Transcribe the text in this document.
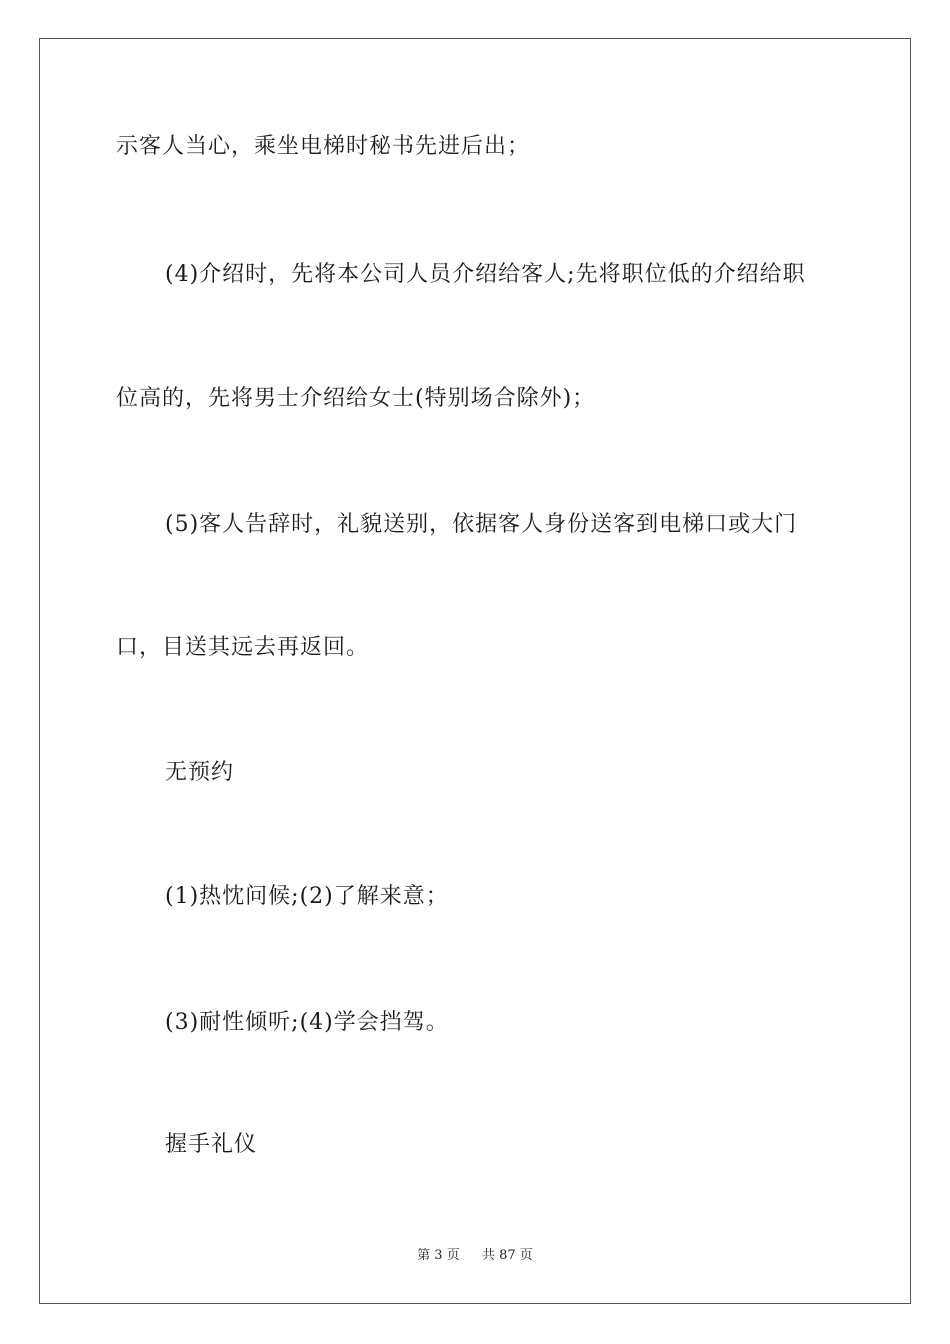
示客人当心，乘坐电梯时秘书先进后出；
(4)介绍时，先将本公司人员介绍给客人;先将职位低的介绍给职
位高的，先将男士介绍给女士(特别场合除外)；
(5)客人告辞时，礼貌送别，依据客人身份送客到电梯口或大门
口，目送其远去再返回。
无预约
(1)热忱问候;(2)了解来意；
(3)耐性倾听;(4)学会挡驾。
握手礼仪
第 3 页 共 87 页
